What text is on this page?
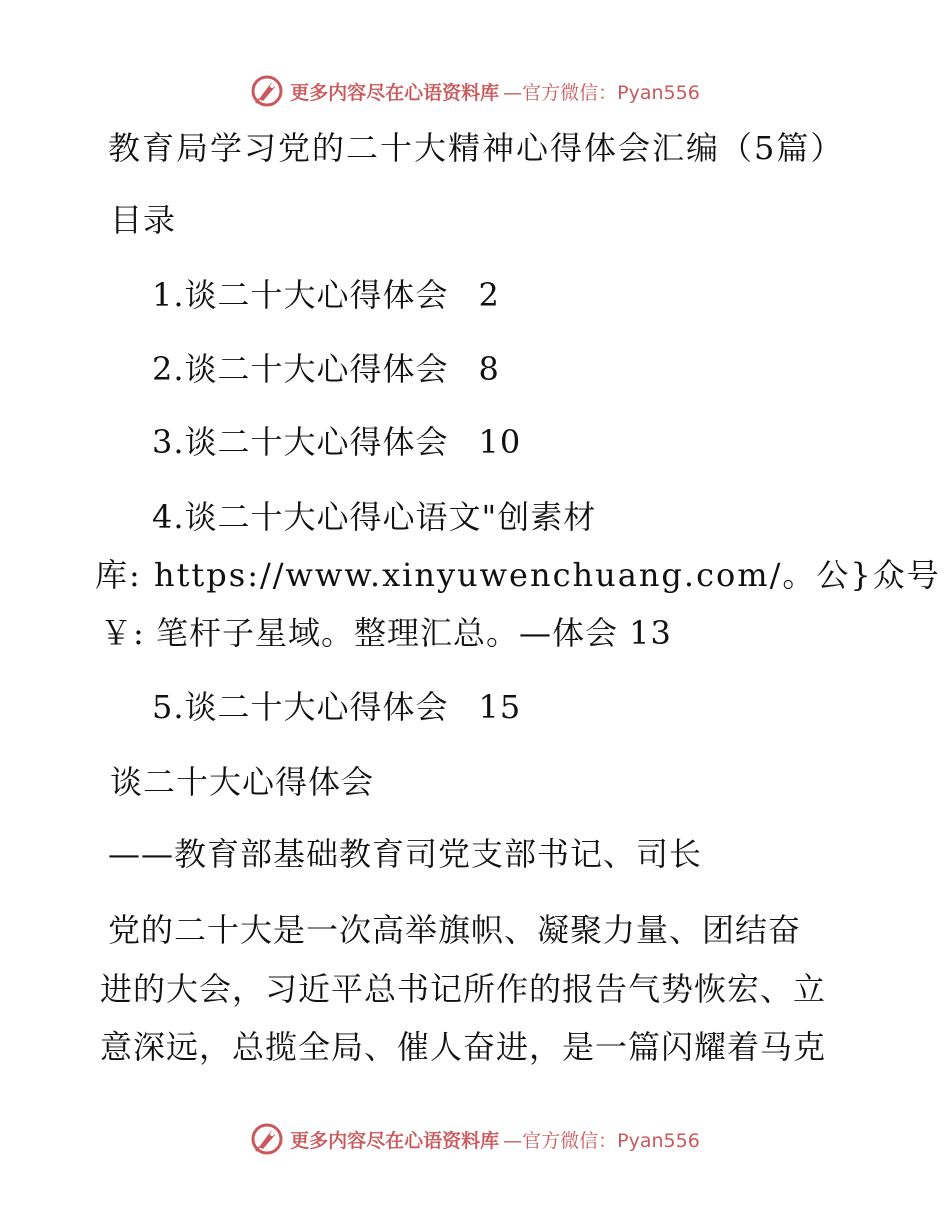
更多内容尽在心语资料库 —官方微信：Pyan556
教育局学习党的二十大精神心得体会汇编（5篇）
目录
1.谈二十大心得体会 2
2.谈二十大心得体会 8
3.谈二十大心得体会 10
4.谈二十大心得心语文"创素材
库: https://www.xinyuwenchuang.com/。公}众号
￥: 笔杆子星域。整理汇总。—体会 13
5.谈二十大心得体会 15
谈二十大心得体会
——教育部基础教育司党支部书记、司长
党的二十大是一次高举旗帜、凝聚力量、团结奋
进的大会，习近平总书记所作的报告气势恢宏、立
意深远，总揽全局、催人奋进，是一篇闪耀着马克
更多内容尽在心语资料库 —官方微信：Pyan556
